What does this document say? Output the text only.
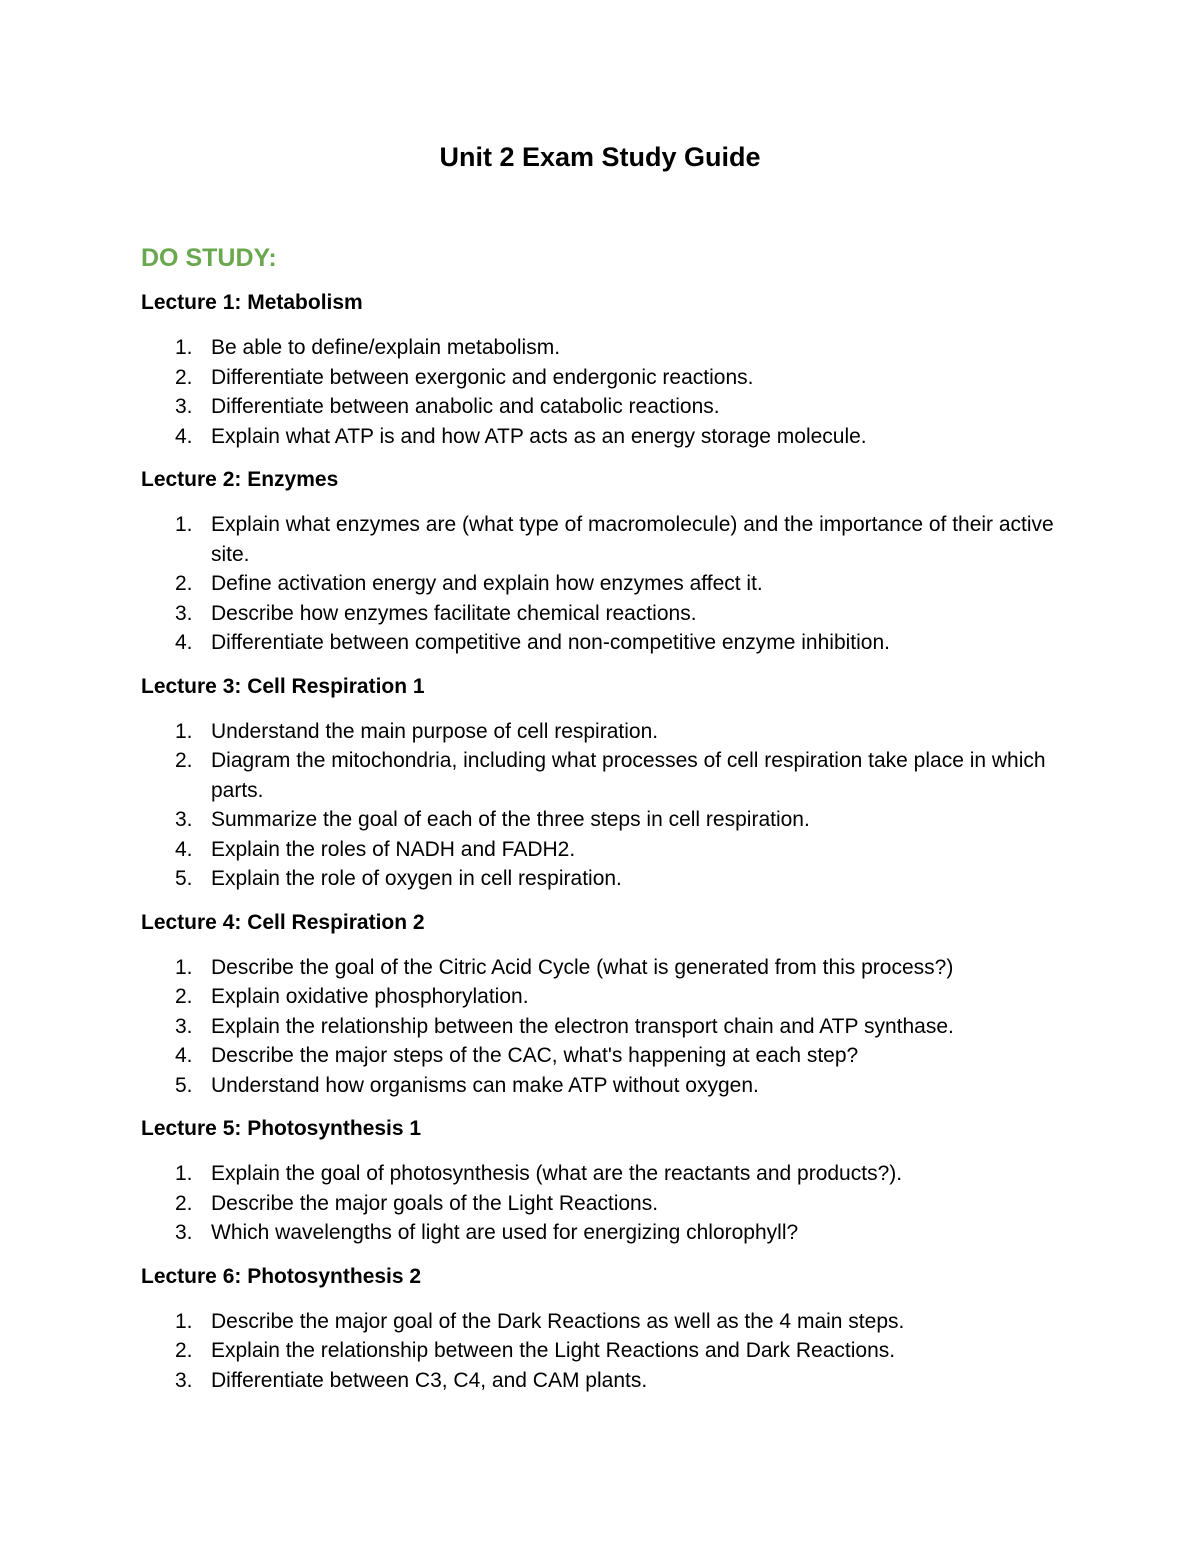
Unit 2 Exam Study Guide
DO STUDY:
Lecture 1: Metabolism
1. Be able to define/explain metabolism.
2. Differentiate between exergonic and endergonic reactions.
3. Differentiate between anabolic and catabolic reactions.
4. Explain what ATP is and how ATP acts as an energy storage molecule.
Lecture 2: Enzymes
1. Explain what enzymes are (what type of macromolecule) and the importance of their active site.
2. Define activation energy and explain how enzymes affect it.
3. Describe how enzymes facilitate chemical reactions.
4. Differentiate between competitive and non-competitive enzyme inhibition.
Lecture 3: Cell Respiration 1
1. Understand the main purpose of cell respiration.
2. Diagram the mitochondria, including what processes of cell respiration take place in which parts.
3. Summarize the goal of each of the three steps in cell respiration.
4. Explain the roles of NADH and FADH2.
5. Explain the role of oxygen in cell respiration.
Lecture 4: Cell Respiration 2
1. Describe the goal of the Citric Acid Cycle (what is generated from this process?)
2. Explain oxidative phosphorylation.
3. Explain the relationship between the electron transport chain and ATP synthase.
4. Describe the major steps of the CAC, what's happening at each step?
5. Understand how organisms can make ATP without oxygen.
Lecture 5: Photosynthesis 1
1. Explain the goal of photosynthesis (what are the reactants and products?).
2. Describe the major goals of the Light Reactions.
3. Which wavelengths of light are used for energizing chlorophyll?
Lecture 6: Photosynthesis 2
1. Describe the major goal of the Dark Reactions as well as the 4 main steps.
2. Explain the relationship between the Light Reactions and Dark Reactions.
3. Differentiate between C3, C4, and CAM plants.
